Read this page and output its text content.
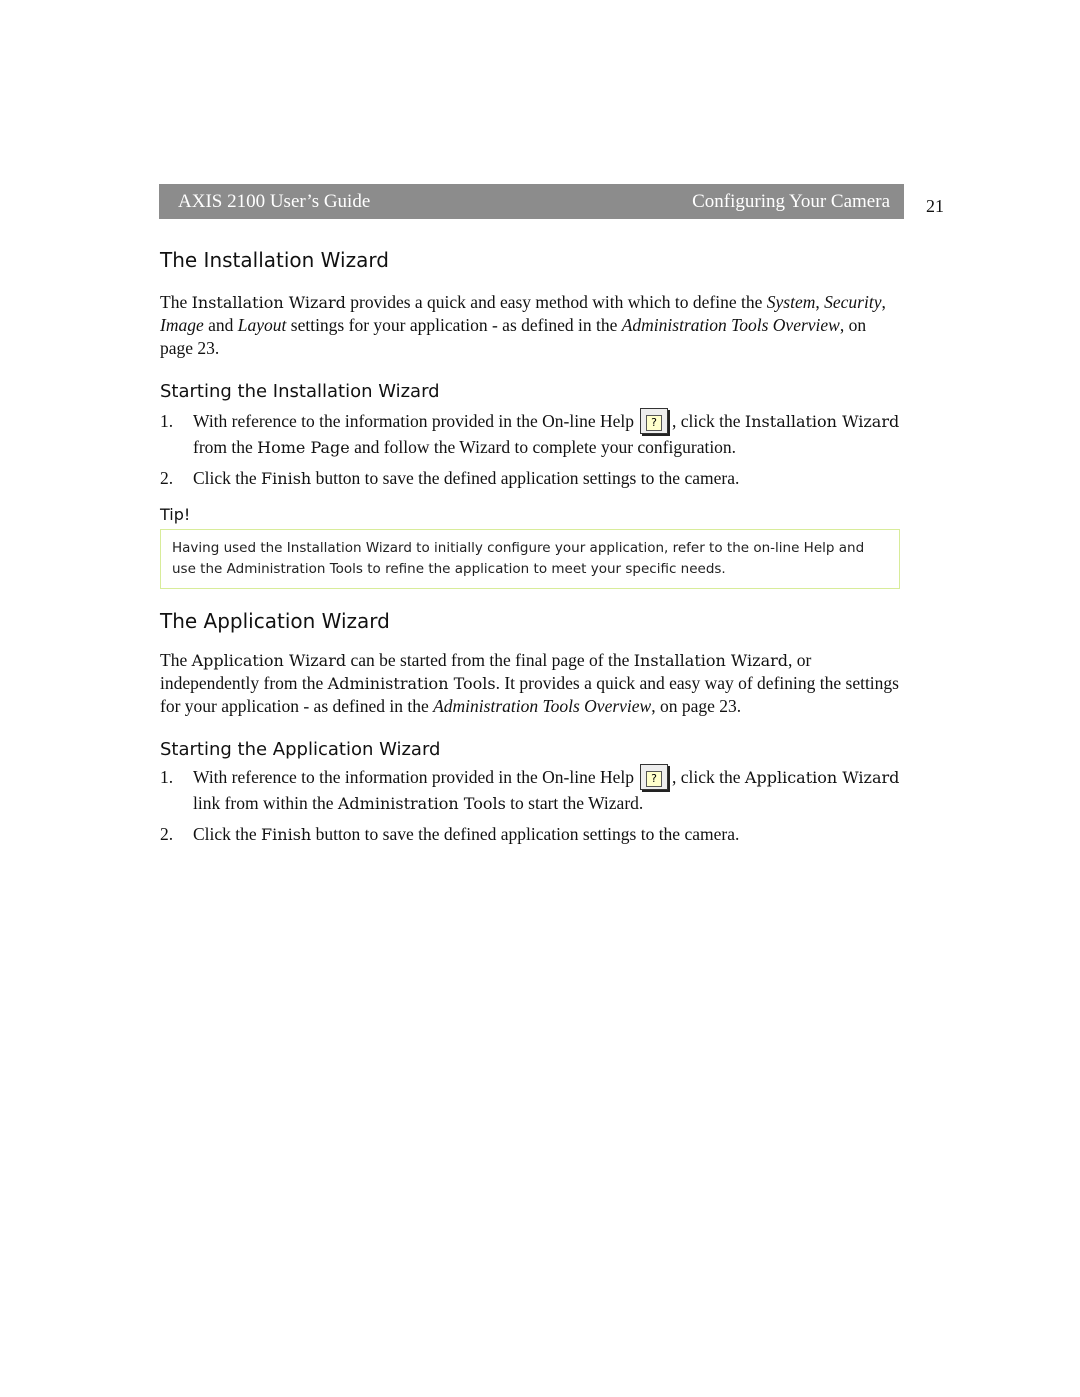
AXIS 2100 User’s Guide	Configuring Your Camera 21
The Installation Wizard

The Installation Wizard provides a quick and easy method with which to define the System, Security, Image and Layout settings for your application - as defined in the Administration Tools Overview, on page 23.

Starting the Installation Wizard
1. With reference to the information provided in the On-line Help ? , click the Installation Wizard from the Home Page and follow the Wizard to complete your configuration.
2. Click the Finish button to save the defined application settings to the camera.

Tip!

Having used the Installation Wizard to initially configure your application, refer to the on-line Help and use the Administration Tools to refine the application to meet your specific needs.
The Application Wizard

The Application Wizard can be started from the final page of the Installation Wizard, or independently from the Administration Tools. It provides a quick and easy way of defining the settings for your application - as defined in the Administration Tools Overview, on page 23.

Starting the Application Wizard
1. With reference to the information provided in the On-line Help ? , click the Application Wizard link from within the Administration Tools to start the Wizard.
2. Click the Finish button to save the defined application settings to the camera.
